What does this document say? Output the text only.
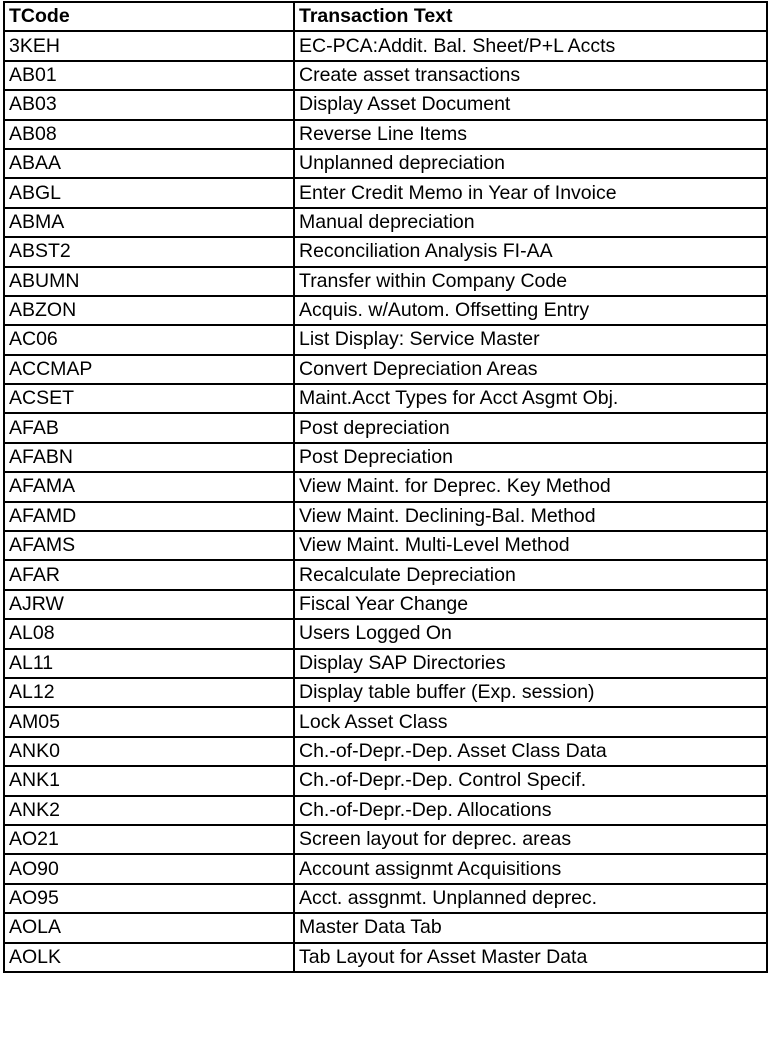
TCode	Transaction Text
3KEH	EC-PCA:Addit. Bal. Sheet/P+L Accts
AB01	Create asset transactions
AB03	Display Asset Document
AB08	Reverse Line Items
ABAA	Unplanned depreciation
ABGL	Enter Credit Memo in Year of Invoice
ABMA	Manual depreciation
ABST2	Reconciliation Analysis FI-AA
ABUMN	Transfer within Company Code
ABZON	Acquis. w/Autom. Offsetting Entry
AC06	List Display: Service Master
ACCMAP	Convert Depreciation Areas
ACSET	Maint.Acct Types for Acct Asgmt Obj.
AFAB	Post depreciation
AFABN	Post Depreciation
AFAMA	View Maint. for Deprec. Key Method
AFAMD	View Maint. Declining-Bal. Method
AFAMS	View Maint. Multi-Level Method
AFAR	Recalculate Depreciation
AJRW	Fiscal Year Change
AL08	Users Logged On
AL11	Display SAP Directories
AL12	Display table buffer (Exp. session)
AM05	Lock Asset Class
ANK0	Ch.-of-Depr.-Dep. Asset Class Data
ANK1	Ch.-of-Depr.-Dep. Control Specif.
ANK2	Ch.-of-Depr.-Dep. Allocations
AO21	Screen layout for deprec. areas
AO90	Account assignmt Acquisitions
AO95	Acct. assgnmt. Unplanned deprec.
AOLA	Master Data Tab
AOLK	Tab Layout for Asset Master Data
